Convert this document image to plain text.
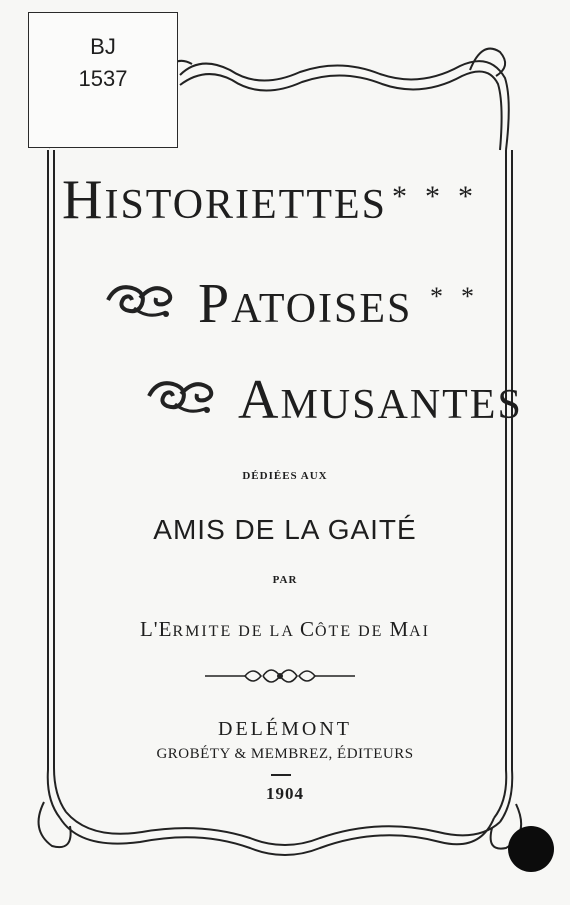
BJ
1537
HISTORIETTES ***
PATOISES **
AMUSANTES
DÉDIÉES AUX
AMIS DE LA GAITÉ
PAR
L'ERMITE DE LA CÔTE DE MAI
DELÉMONT
GROBÉTY & MEMBREZ, ÉDITEURS
1904
